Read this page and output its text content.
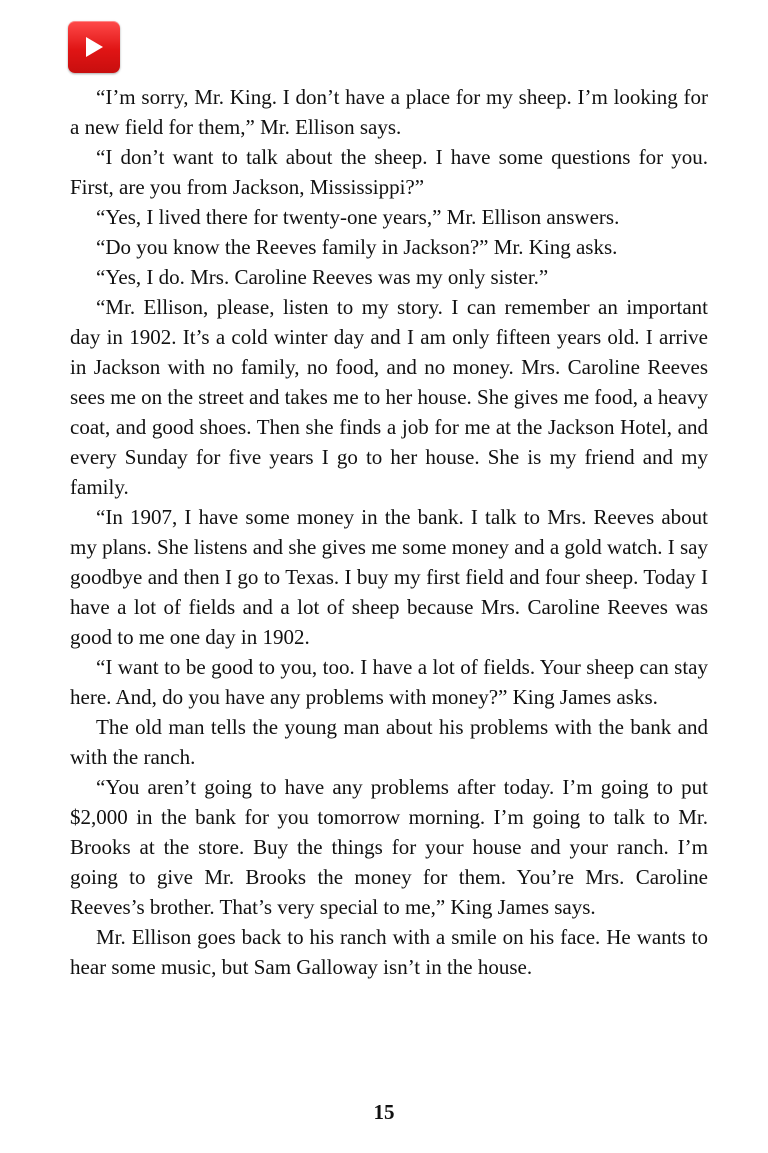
“I’m sorry, Mr. King. I don’t have a place for my sheep. I’m looking for a new field for them,” Mr. Ellison says.

“I don’t want to talk about the sheep. I have some questions for you. First, are you from Jackson, Mississippi?”

“Yes, I lived there for twenty-one years,” Mr. Ellison answers.

“Do you know the Reeves family in Jackson?” Mr. King asks.

“Yes, I do. Mrs. Caroline Reeves was my only sister.”

“Mr. Ellison, please, listen to my story. I can remember an important day in 1902. It’s a cold winter day and I am only fifteen years old. I arrive in Jackson with no family, no food, and no money. Mrs. Caroline Reeves sees me on the street and takes me to her house. She gives me food, a heavy coat, and good shoes. Then she finds a job for me at the Jackson Hotel, and every Sunday for five years I go to her house. She is my friend and my family.

“In 1907, I have some money in the bank. I talk to Mrs. Reeves about my plans. She listens and she gives me some money and a gold watch. I say goodbye and then I go to Texas. I buy my first field and four sheep. Today I have a lot of fields and a lot of sheep because Mrs. Caroline Reeves was good to me one day in 1902.

“I want to be good to you, too. I have a lot of fields. Your sheep can stay here. And, do you have any problems with money?” King James asks.

The old man tells the young man about his problems with the bank and with the ranch.

“You aren’t going to have any problems after today. I’m going to put $2,000 in the bank for you tomorrow morning. I’m going to talk to Mr. Brooks at the store. Buy the things for your house and your ranch. I’m going to give Mr. Brooks the money for them. You’re Mrs. Caroline Reeves’s brother. That’s very special to me,” King James says.

Mr. Ellison goes back to his ranch with a smile on his face. He wants to hear some music, but Sam Galloway isn’t in the house.

15
